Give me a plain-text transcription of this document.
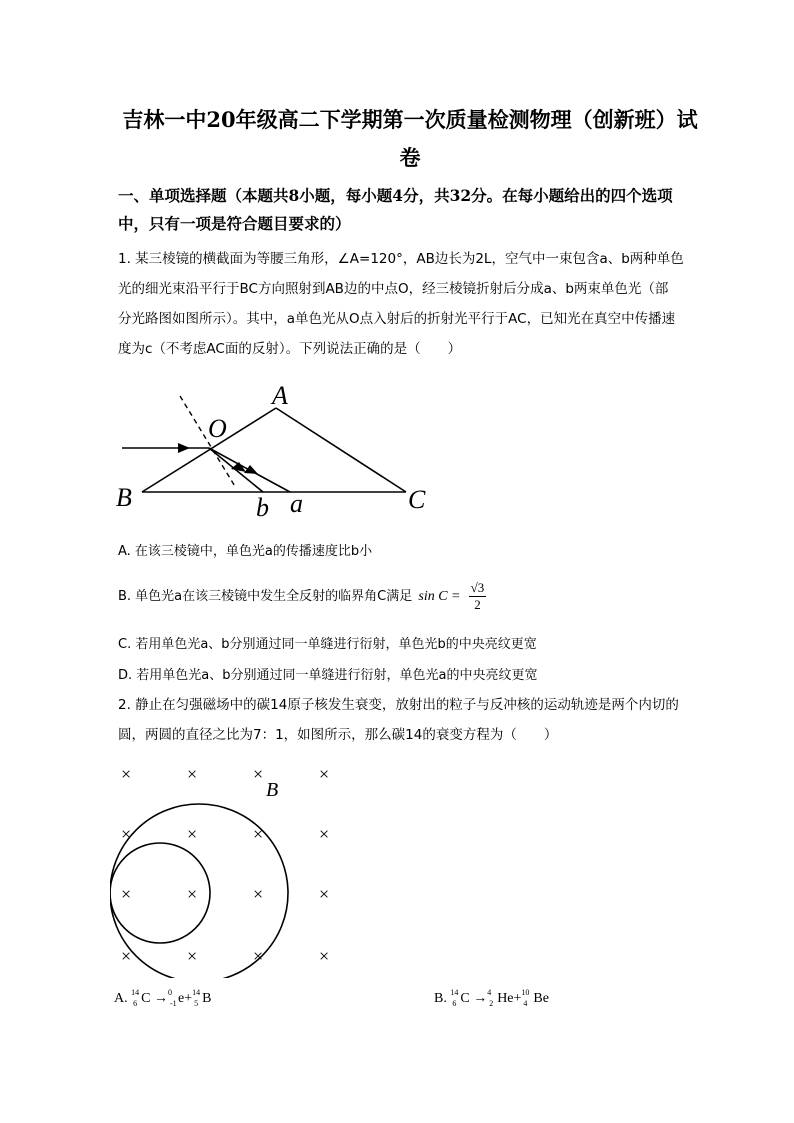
吉林一中20年级高二下学期第一次质量检测物理（创新班）试
卷
一、单项选择题（本题共8小题，每小题4分，共32分。在每小题给出的四个选项
中，只有一项是符合题目要求的）
1. 某三棱镜的横截面为等腰三角形，∠A=120°，AB边长为2L，空气中一束包含a、b两种单色
光的细光束沿平行于BC方向照射到AB边的中点O，经三棱镜折射后分成a、b两束单色光（部
分光路图如图所示）。其中，a单色光从O点入射后的折射光平行于AC，已知光在真空中传播速
度为c（不考虑AC面的反射）。下列说法正确的是（　　）
A
O
B	C
b a
A. 在该三棱镜中，单色光a的传播速度比b小
B. 单色光a在该三棱镜中发生全反射的临界角C满足 $\sin C = \frac{√3}{2}$
C. 若用单色光a、b分别通过同一单缝进行衍射，单色光b的中央亮纹更宽
D. 若用单色光a、b分别通过同一单缝进行衍射，单色光a的中央亮纹更宽
2. 静止在匀强磁场中的碳14原子核发生衰变，放射出的粒子与反冲核的运动轨迹是两个内切的
圆，两圆的直径之比为7：1，如图所示，那么碳14的衰变方程为（　　）
×	×	×	×
×	×	×	×
×	×	×	×
×	×	×	×
B
A. 14
6 C → 0
-1 e+ 14
5 B	B. 14
6 C → 4
2 He+ 10
4 Be
